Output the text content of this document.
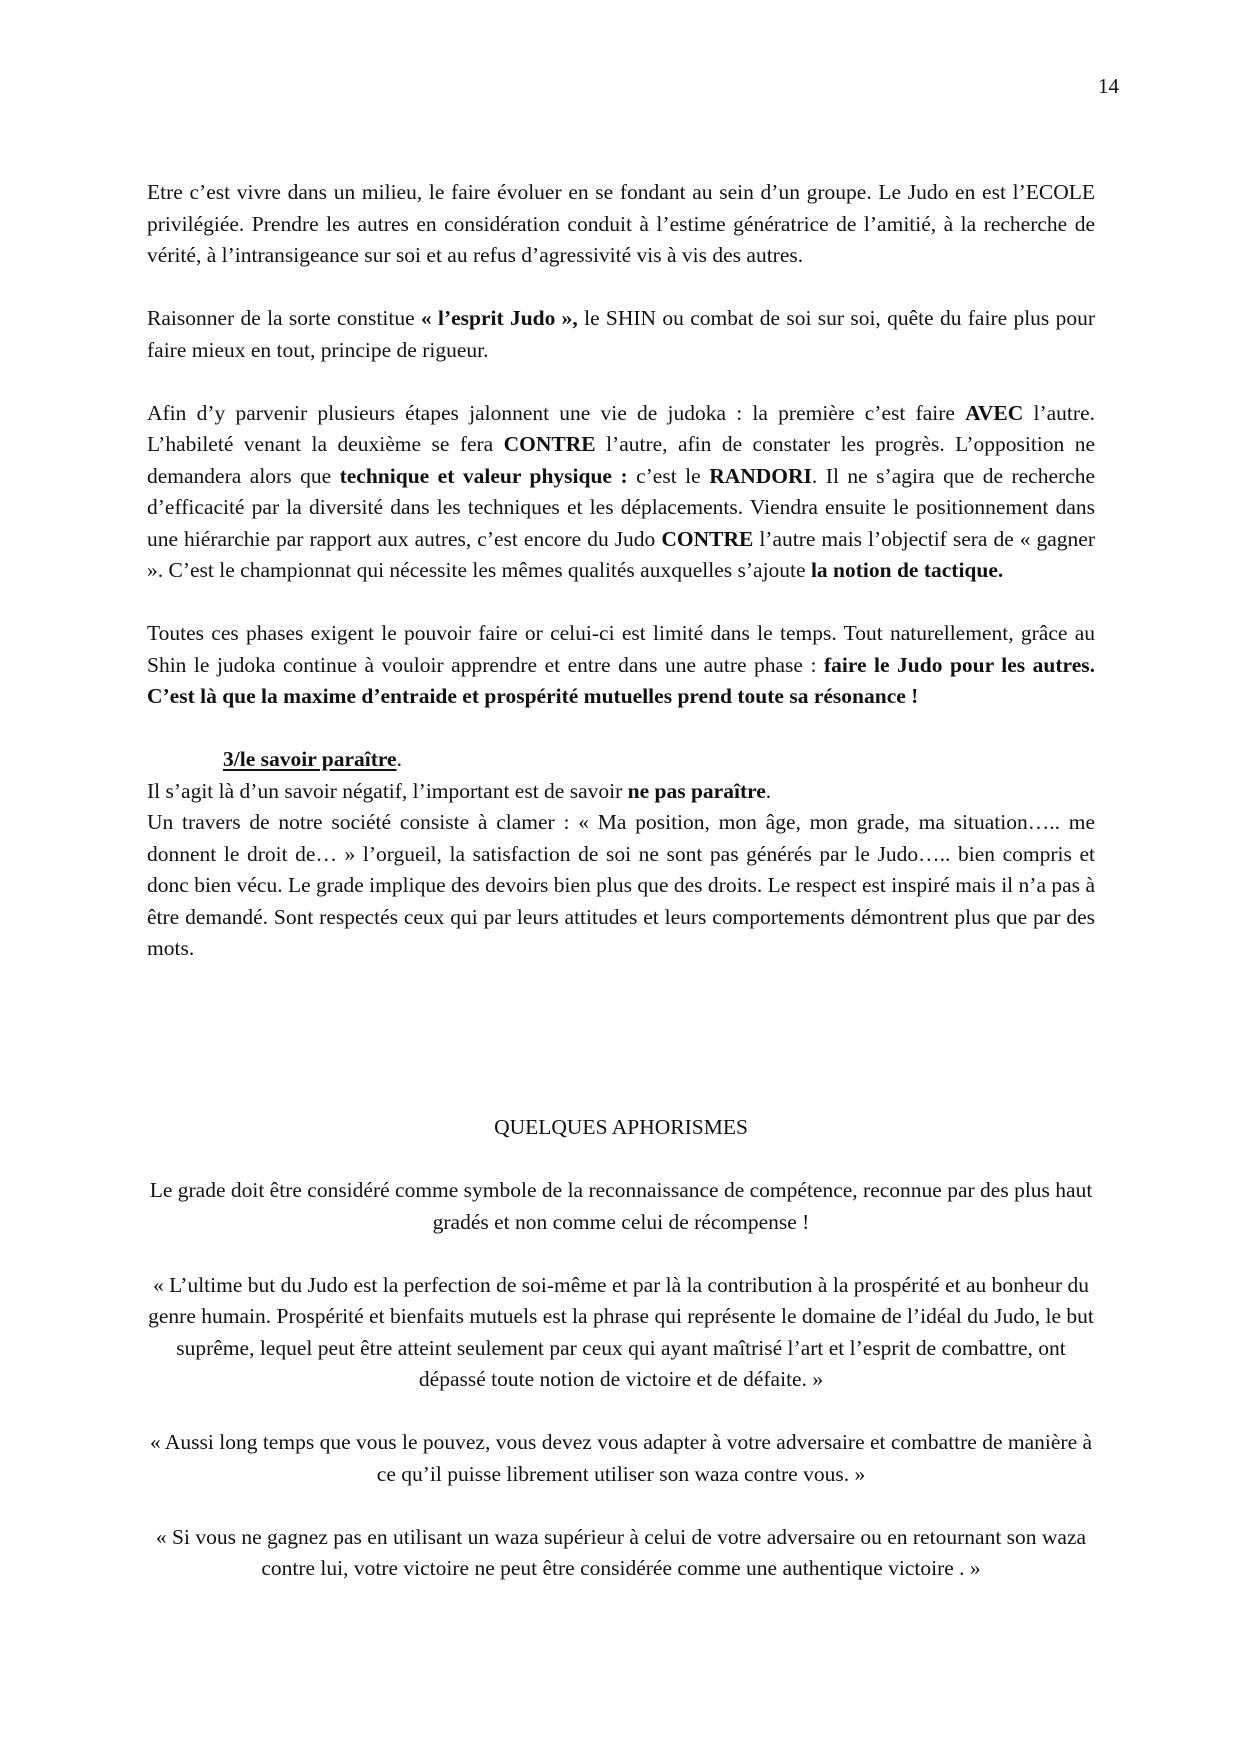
14

Etre c’est vivre dans un milieu, le faire évoluer en se fondant au sein d’un groupe. Le Judo en est l’ECOLE privilégiée. Prendre les autres en considération conduit à l’estime génératrice de l’amitié, à la recherche de vérité, à l’intransigeance sur soi et au refus d’agressivité vis à vis des autres.

Raisonner de la sorte constitue « l’esprit Judo », le SHIN ou combat de soi sur soi, quête du faire plus pour faire mieux en tout, principe de rigueur.

Afin d’y parvenir plusieurs étapes jalonnent une vie de judoka : la première c’est faire AVEC l’autre. L’habileté venant la deuxième se fera CONTRE l’autre, afin de constater les progrès. L’opposition ne demandera alors que technique et valeur physique : c’est le RANDORI. Il ne s’agira que de recherche d’efficacité par la diversité dans les techniques et les déplacements. Viendra ensuite le positionnement dans une hiérarchie par rapport aux autres, c’est encore du Judo CONTRE l’autre mais l’objectif sera de « gagner ». C’est le championnat qui nécessite les mêmes qualités auxquelles s’ajoute la notion de tactique.

Toutes ces phases exigent le pouvoir faire or celui-ci est limité dans le temps. Tout naturellement, grâce au Shin le judoka continue à vouloir apprendre et entre dans une autre phase : faire le Judo pour les autres. C’est là que la maxime d’entraide et prospérité mutuelles prend toute sa résonance !

3/le savoir paraître.

Il s’agit là d’un savoir négatif, l’important est de savoir ne pas paraître.

Un travers de notre société consiste à clamer : « Ma position, mon âge, mon grade, ma situation….. me donnent le droit de… » l’orgueil, la satisfaction de soi ne sont pas générés par le Judo….. bien compris et donc bien vécu. Le grade implique des devoirs bien plus que des droits. Le respect est inspiré mais il n’a pas à être demandé. Sont respectés ceux qui par leurs attitudes et leurs comportements démontrent plus que par des mots.

QUELQUES APHORISMES

Le grade doit être considéré comme symbole de la reconnaissance de compétence, reconnue par des plus haut gradés et non comme celui de récompense !

« L’ultime but du Judo est la perfection de soi-même et par là la contribution à la prospérité et au bonheur du genre humain. Prospérité et bienfaits mutuels est la phrase qui représente le domaine de l’idéal du Judo, le but suprême, lequel peut être atteint seulement par ceux qui ayant maîtrisé l’art et l’esprit de combattre, ont dépassé toute notion de victoire et de défaite. »

« Aussi long temps que vous le pouvez, vous devez vous adapter à votre adversaire et combattre de manière à ce qu’il puisse librement utiliser son waza contre vous. »

« Si vous ne gagnez pas en utilisant un waza supérieur à celui de votre adversaire ou en retournant son waza contre lui, votre victoire ne peut être considérée comme une authentique victoire . »
